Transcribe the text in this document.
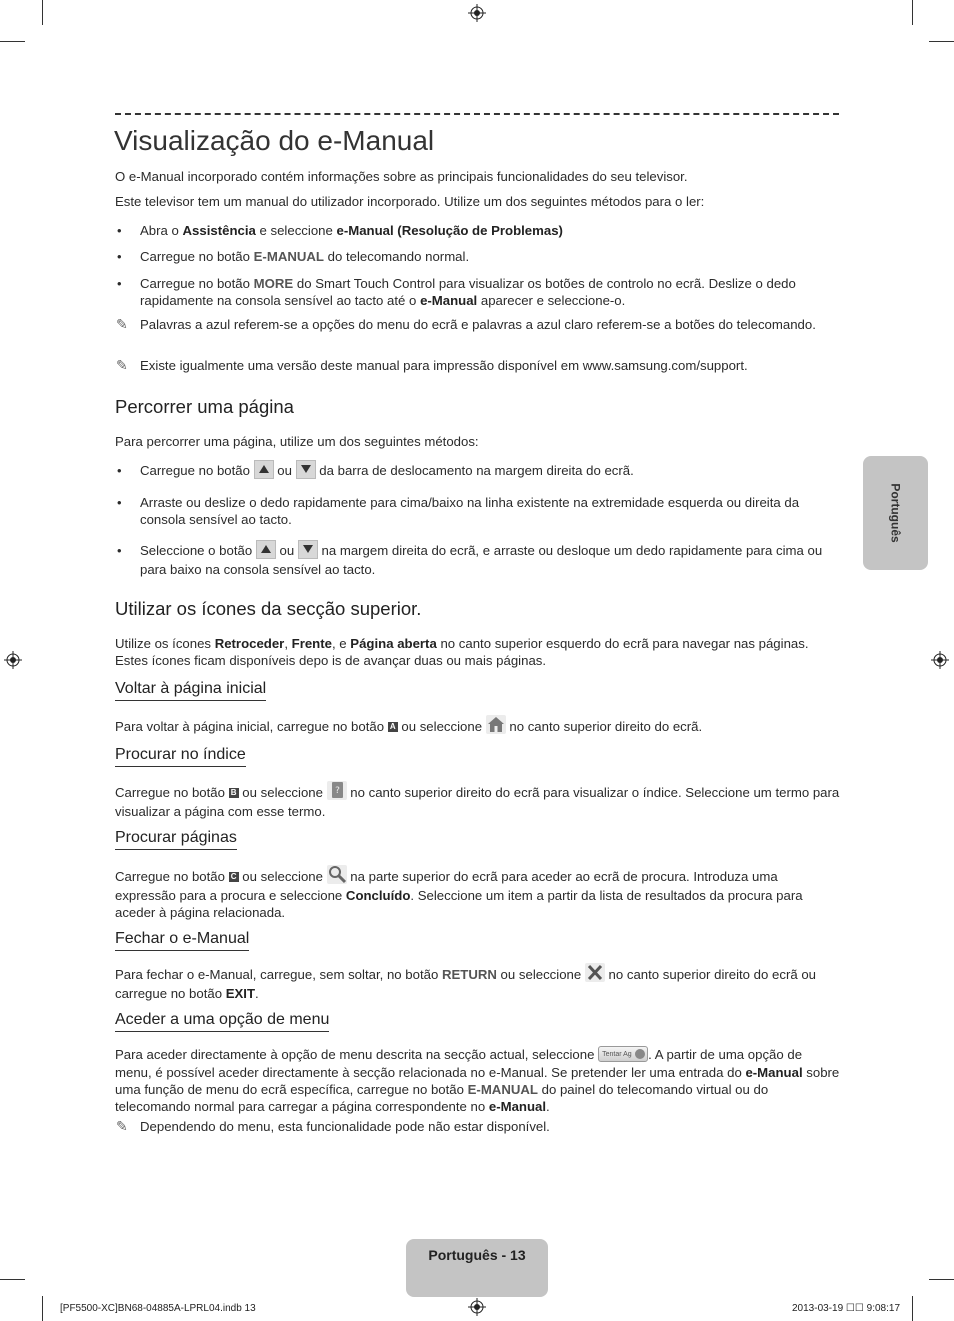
Visualização do e-Manual
O e-Manual incorporado contém informações sobre as principais funcionalidades do seu televisor.
Este televisor tem um manual do utilizador incorporado. Utilize um dos seguintes métodos para o ler:
• Abra o Assistência e seleccione e-Manual (Resolução de Problemas)
• Carregue no botão E-MANUAL do telecomando normal.
• Carregue no botão MORE do Smart Touch Control para visualizar os botões de controlo no ecrã. Deslize o dedo rapidamente na consola sensível ao tacto até o e-Manual aparecer e seleccione-o.
✎ Palavras a azul referem-se a opções do menu do ecrã e palavras a azul claro referem-se a botões do telecomando.
✎ Existe igualmente uma versão deste manual para impressão disponível em www.samsung.com/support.
Percorrer uma página
Para percorrer uma página, utilize um dos seguintes métodos:
• Carregue no botão
ou
da barra de deslocamento na margem direita do ecrã.
• Arraste ou deslize o dedo rapidamente para cima/baixo na linha existente na extremidade esquerda ou direita da consola sensível ao tacto.
• Seleccione o botão
ou
na margem direita do ecrã, e arraste ou desloque um dedo rapidamente para cima ou para baixo na consola sensível ao tacto.
Utilizar os ícones da secção superior.
Utilize os ícones Retroceder, Frente, e Página aberta no canto superior esquerdo do ecrã para navegar nas páginas. Estes ícones ficam disponíveis depo is de avançar duas ou mais páginas.
Voltar à página inicial
Para voltar à página inicial, carregue no botão A ou seleccione  no canto superior direito do ecrã.
Procurar no índice
Carregue no botão B ou seleccione ? no canto superior direito do ecrã para visualizar o índice. Seleccione um termo para visualizar a página com esse termo.
Procurar páginas
Carregue no botão C ou seleccione  na parte superior do ecrã para aceder ao ecrã de procura. Introduza uma expressão para a procura e seleccione Concluído. Seleccione um item a partir da lista de resultados da procura para aceder à página relacionada.
Fechar o e-Manual
Para fechar o e-Manual, carregue, sem soltar, no botão RETURN ou seleccione  no canto superior direito do ecrã ou carregue no botão EXIT.
Aceder a uma opção de menu
Para aceder directamente à opção de menu descrita na secção actual, seleccione Tentar Ag . A partir de uma opção de menu, é possível aceder directamente à secção relacionada no e-Manual. Se pretender ler uma entrada do e-Manual sobre uma função de menu do ecrã específica, carregue no botão E-MANUAL do painel do telecomando virtual ou do telecomando normal para carregar a página correspondente no e-Manual.
✎ Dependendo do menu, esta funcionalidade pode não estar disponível.
Português
Português - 13
[PF5500-XC]BN68-04885A-LPRL04.indb 13	2013-03-19 ☐☐ 9:08:17
